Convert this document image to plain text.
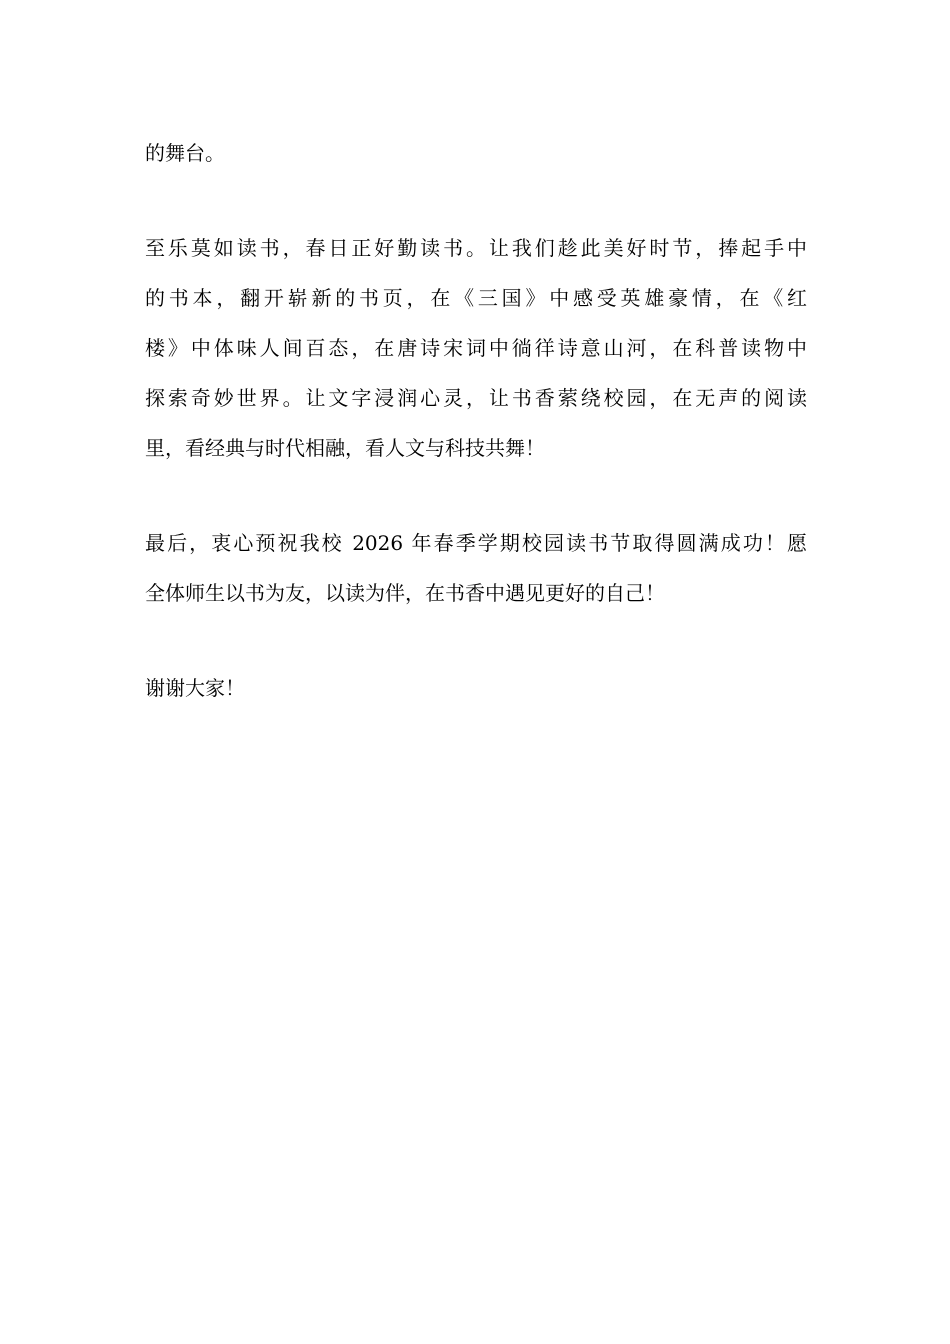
的舞台。

至乐莫如读书，春日正好勤读书。让我们趁此美好时节，捧起手中
的书本，翻开崭新的书页，在《三国》中感受英雄豪情，在《红
楼》中体味人间百态，在唐诗宋词中徜徉诗意山河，在科普读物中
探索奇妙世界。让文字浸润心灵，让书香萦绕校园，在无声的阅读
里，看经典与时代相融，看人文与科技共舞！

最后，衷心预祝我校 2026 年春季学期校园读书节取得圆满成功！愿
全体师生以书为友，以读为伴，在书香中遇见更好的自己！

谢谢大家！
